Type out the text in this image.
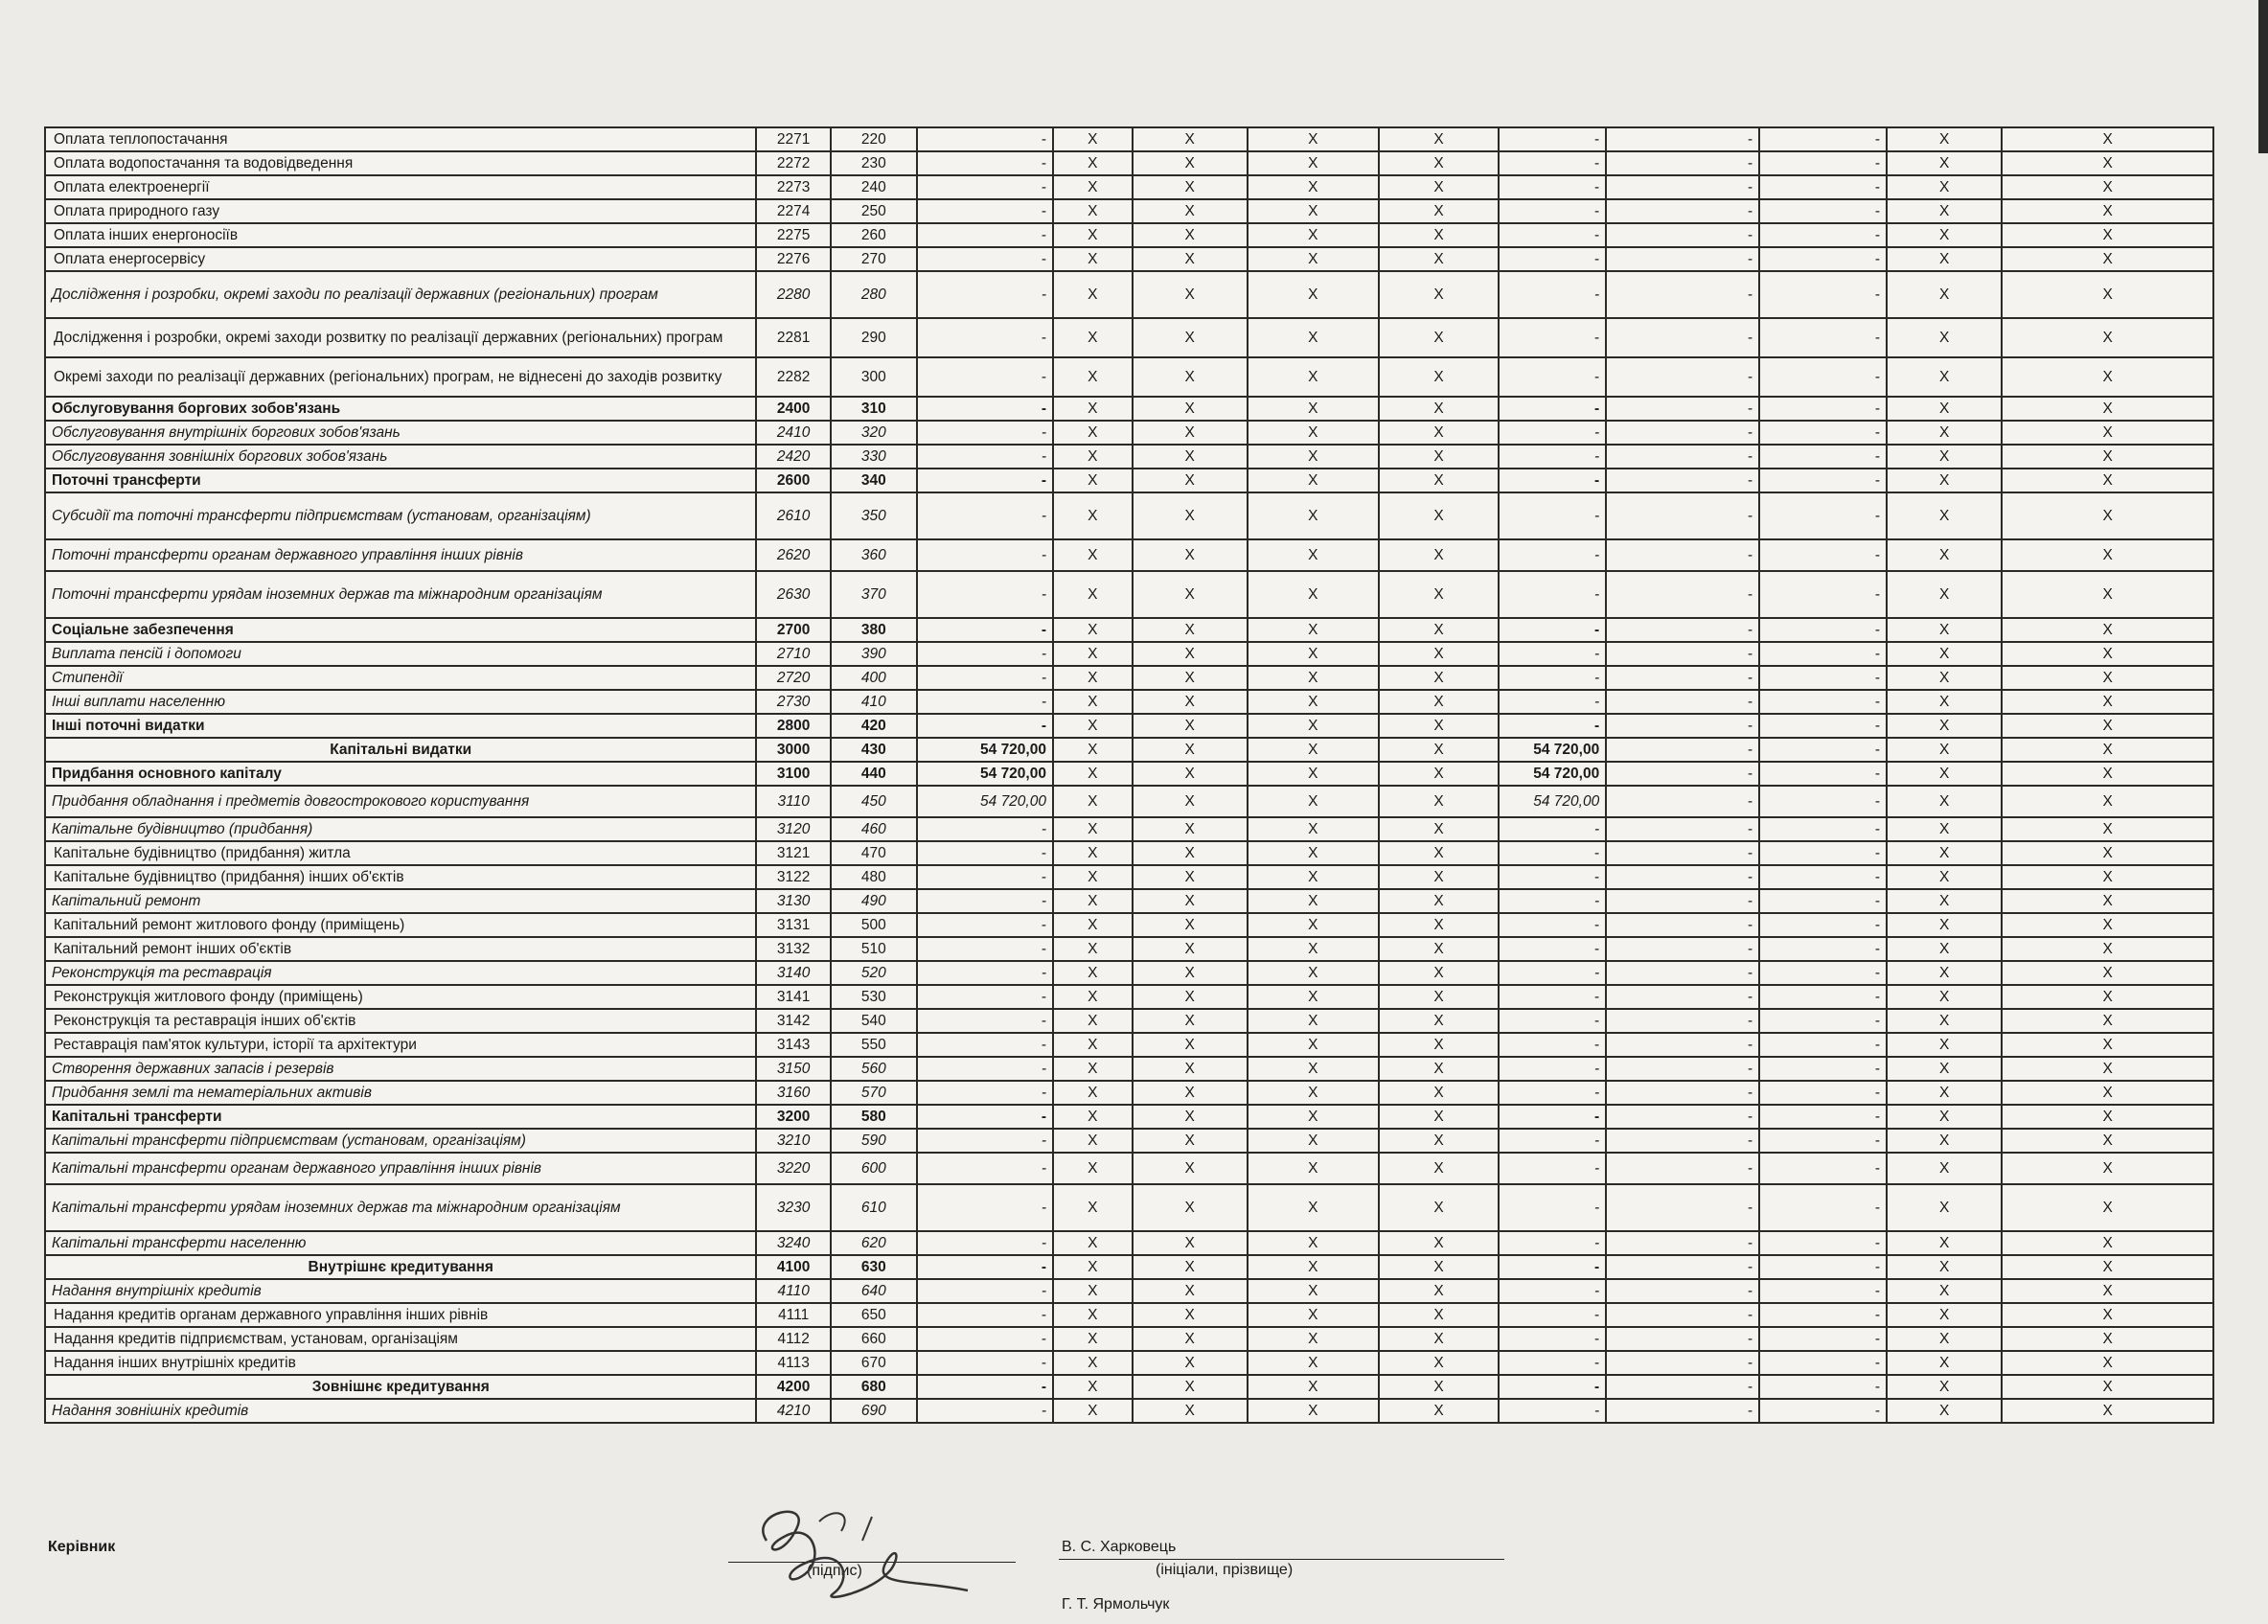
Оплата теплопостачання	2271	220	-	X	X	X	X	-	-	-	X	X
Оплата водопостачання та водовідведення	2272	230	-	X	X	X	X	-	-	-	X	X
Оплата електроенергії	2273	240	-	X	X	X	X	-	-	-	X	X
Оплата природного газу	2274	250	-	X	X	X	X	-	-	-	X	X
Оплата інших енергоносіїв	2275	260	-	X	X	X	X	-	-	-	X	X
Оплата енергосервісу	2276	270	-	X	X	X	X	-	-	-	X	X
Дослідження і розробки, окремі заходи по реалізації державних (регіональних) програм	2280	280	-	X	X	X	X	-	-	-	X	X
Дослідження і розробки, окремі заходи розвитку по реалізації державних (регіональних) програм	2281	290	-	X	X	X	X	-	-	-	X	X
Окремі заходи по реалізації державних (регіональних) програм, не віднесені до заходів розвитку	2282	300	-	X	X	X	X	-	-	-	X	X
Обслуговування боргових зобов'язань	2400	310	-	X	X	X	X	-	-	-	X	X
Обслуговування внутрішніх боргових зобов'язань	2410	320	-	X	X	X	X	-	-	-	X	X
Обслуговування зовнішніх боргових зобов'язань	2420	330	-	X	X	X	X	-	-	-	X	X
Поточні трансферти	2600	340	-	X	X	X	X	-	-	-	X	X
Субсидії та поточні трансферти підприємствам (установам, організаціям)	2610	350	-	X	X	X	X	-	-	-	X	X
Поточні трансферти органам державного управління інших рівнів	2620	360	-	X	X	X	X	-	-	-	X	X
Поточні трансферти урядам іноземних держав та міжнародним організаціям	2630	370	-	X	X	X	X	-	-	-	X	X
Соціальне забезпечення	2700	380	-	X	X	X	X	-	-	-	X	X
Виплата пенсій і допомоги	2710	390	-	X	X	X	X	-	-	-	X	X
Стипендії	2720	400	-	X	X	X	X	-	-	-	X	X
Інші виплати населенню	2730	410	-	X	X	X	X	-	-	-	X	X
Інші поточні видатки	2800	420	-	X	X	X	X	-	-	-	X	X
Капітальні видатки	3000	430	54 720,00	X	X	X	X	54 720,00	-	-	X	X
Придбання основного капіталу	3100	440	54 720,00	X	X	X	X	54 720,00	-	-	X	X
Придбання обладнання і предметів довгострокового користування	3110	450	54 720,00	X	X	X	X	54 720,00	-	-	X	X
Капітальне будівництво (придбання)	3120	460	-	X	X	X	X	-	-	-	X	X
Капітальне будівництво (придбання) житла	3121	470	-	X	X	X	X	-	-	-	X	X
Капітальне будівництво (придбання) інших об'єктів	3122	480	-	X	X	X	X	-	-	-	X	X
Капітальний ремонт	3130	490	-	X	X	X	X	-	-	-	X	X
Капітальний ремонт житлового фонду (приміщень)	3131	500	-	X	X	X	X	-	-	-	X	X
Капітальний ремонт інших об'єктів	3132	510	-	X	X	X	X	-	-	-	X	X
Реконструкція та реставрація	3140	520	-	X	X	X	X	-	-	-	X	X
Реконструкція житлового фонду (приміщень)	3141	530	-	X	X	X	X	-	-	-	X	X
Реконструкція та реставрація інших об'єктів	3142	540	-	X	X	X	X	-	-	-	X	X
Реставрація пам'яток культури, історії та архітектури	3143	550	-	X	X	X	X	-	-	-	X	X
Створення державних запасів і резервів	3150	560	-	X	X	X	X	-	-	-	X	X
Придбання землі та нематеріальних активів	3160	570	-	X	X	X	X	-	-	-	X	X
Капітальні трансферти	3200	580	-	X	X	X	X	-	-	-	X	X
Капітальні трансферти підприємствам (установам, організаціям)	3210	590	-	X	X	X	X	-	-	-	X	X
Капітальні трансферти органам державного управління інших рівнів	3220	600	-	X	X	X	X	-	-	-	X	X
Капітальні трансферти урядам іноземних держав та міжнародним організаціям	3230	610	-	X	X	X	X	-	-	-	X	X
Капітальні трансферти населенню	3240	620	-	X	X	X	X	-	-	-	X	X
Внутрішнє кредитування	4100	630	-	X	X	X	X	-	-	-	X	X
Надання внутрішніх кредитів	4110	640	-	X	X	X	X	-	-	-	X	X
Надання кредитів органам державного управління інших рівнів	4111	650	-	X	X	X	X	-	-	-	X	X
Надання кредитів підприємствам, установам, організаціям	4112	660	-	X	X	X	X	-	-	-	X	X
Надання інших внутрішніх кредитів	4113	670	-	X	X	X	X	-	-	-	X	X
Зовнішнє кредитування	4200	680	-	X	X	X	X	-	-	-	X	X
Надання зовнішніх кредитів	4210	690	-	X	X	X	X	-	-	-	X	X
Керівник
(підпис)
В. С. Харковець
(ініціали, прізвище)
Г. Т. Ярмольчук
